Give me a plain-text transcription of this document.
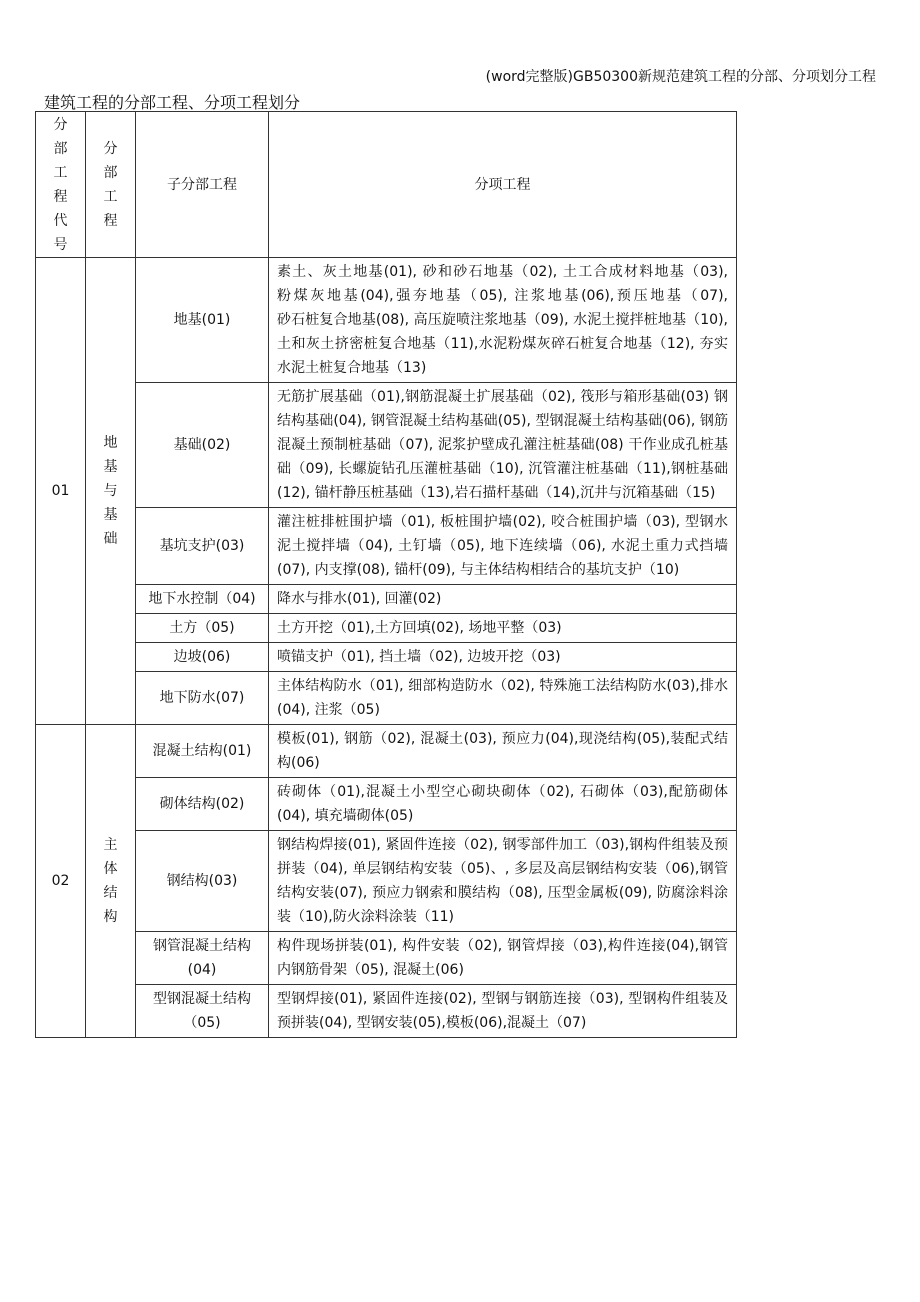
(word完整版)GB50300新规范建筑工程的分部、分项划分工程
建筑工程的分部工程、分项工程划分
分部工程代号	分部工程	子分部工程	分项工程
01	地基与基础	地基(01)	素土、灰土地基(01), 砂和砂石地基（02), 土工合成材料地基（03),　　　粉煤灰地基(04),强夯地基（05), 注浆地基(06),预压地基（07),　　　　　　　砂石桩复合地基(08), 高压旋喷注浆地基（09), 水泥土搅拌桩地基（10), 土和灰土挤密桩复合地基（11),水泥粉煤灰碎石桩复合地基（12), 夯实水泥土桩复合地基（13)
		基础(02)	无筋扩展基础（01),钢筋混凝土扩展基础（02), 筏形与箱形基础(03) 钢结构基础(04), 钢管混凝土结构基础(05), 型钢混凝土结构基础(06), 钢筋混凝土预制桩基础（07), 泥浆护壁成孔灌注桩基础(08) 干作业成孔桩基础（09), 长螺旋钻孔压灌桩基础（10), 沉管灌注桩基础（11),钢桩基础(12), 锚杆静压桩基础（13),岩石描杆基础（14),沉井与沉箱基础（15)
		基坑支护(03)	灌注桩排桩围护墙（01), 板桩围护墙(02), 咬合桩围护墙（03), 型钢水泥土搅拌墙（04), 土钉墙（05), 地下连续墙（06), 水泥土重力式挡墙(07), 内支撑(08), 锚杆(09), 与主体结构相结合的基坑支护（10)
		地下水控制（04)	降水与排水(01), 回灌(02)
		土方（05)	土方开挖（01),土方回填(02), 场地平整（03)
		边坡(06)	喷锚支护（01), 挡土墙（02), 边坡开挖（03)
		地下防水(07)	主体结构防水（01), 细部构造防水（02), 特殊施工法结构防水(03),排水(04), 注浆（05)
02	主体结构	混凝土结构(01)	模板(01), 钢筋（02), 混凝土(03), 预应力(04),现浇结构(05),装配式结构(06)
		砌体结构(02)	砖砌体（01),混凝土小型空心砌块砌体（02), 石砌体（03),配筋砌体(04), 填充墙砌体(05)
		钢结构(03)	钢结构焊接(01), 紧固件连接（02), 钢零部件加工（03),钢构件组装及预拼装（04), 单层钢结构安装（05)、, 多层及高层钢结构安装（06),钢管结构安装(07), 预应力钢索和膜结构（08), 压型金属板(09), 防腐涂料涂装（10),防火涂料涂装（11)
		钢管混凝土结构(04)	构件现场拼装(01), 构件安装（02), 钢管焊接（03),构件连接(04),钢管内钢筋骨架（05), 混凝土(06)
		型钢混凝土结构（05)	型钢焊接(01), 紧固件连接(02), 型钢与钢筋连接（03), 型钢构件组装及预拼装(04), 型钢安装(05),模板(06),混凝土（07)
